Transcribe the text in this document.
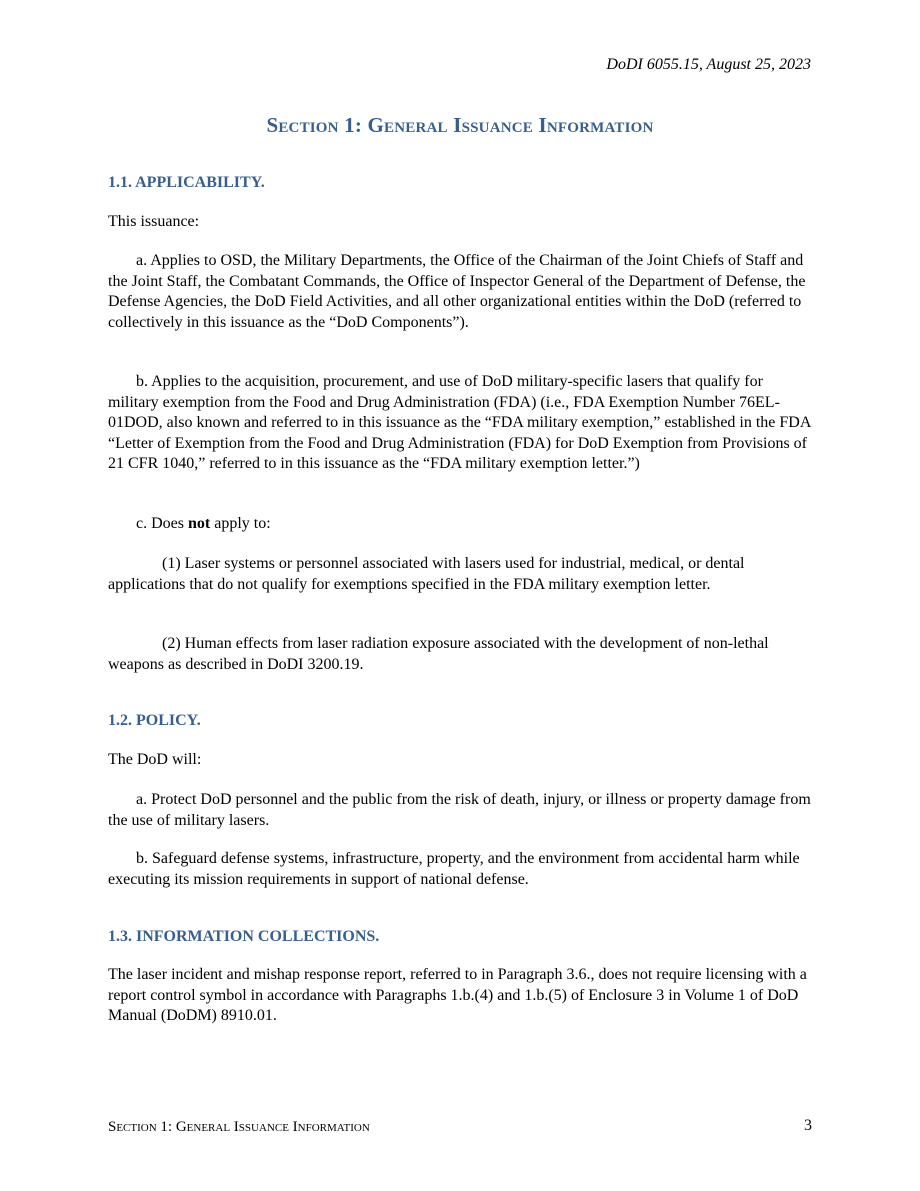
DoDI 6055.15, August 25, 2023
Section 1: General Issuance Information
1.1. APPLICABILITY.
This issuance:

a. Applies to OSD, the Military Departments, the Office of the Chairman of the Joint Chiefs of Staff and the Joint Staff, the Combatant Commands, the Office of Inspector General of the Department of Defense, the Defense Agencies, the DoD Field Activities, and all other organizational entities within the DoD (referred to collectively in this issuance as the “DoD Components”).

b. Applies to the acquisition, procurement, and use of DoD military-specific lasers that qualify for military exemption from the Food and Drug Administration (FDA) (i.e., FDA Exemption Number 76EL-01DOD, also known and referred to in this issuance as the “FDA military exemption,” established in the FDA “Letter of Exemption from the Food and Drug Administration (FDA) for DoD Exemption from Provisions of 21 CFR 1040,” referred to in this issuance as the “FDA military exemption letter.”)

c. Does not apply to:

(1) Laser systems or personnel associated with lasers used for industrial, medical, or dental applications that do not qualify for exemptions specified in the FDA military exemption letter.

(2) Human effects from laser radiation exposure associated with the development of non-lethal weapons as described in DoDI 3200.19.

1.2. POLICY.
The DoD will:

a. Protect DoD personnel and the public from the risk of death, injury, or illness or property damage from the use of military lasers.

b. Safeguard defense systems, infrastructure, property, and the environment from accidental harm while executing its mission requirements in support of national defense.

1.3. INFORMATION COLLECTIONS.

The laser incident and mishap response report, referred to in Paragraph 3.6., does not require licensing with a report control symbol in accordance with Paragraphs 1.b.(4) and 1.b.(5) of Enclosure 3 in Volume 1 of DoD Manual (DoDM) 8910.01.

Section 1: General Issuance Information	3
